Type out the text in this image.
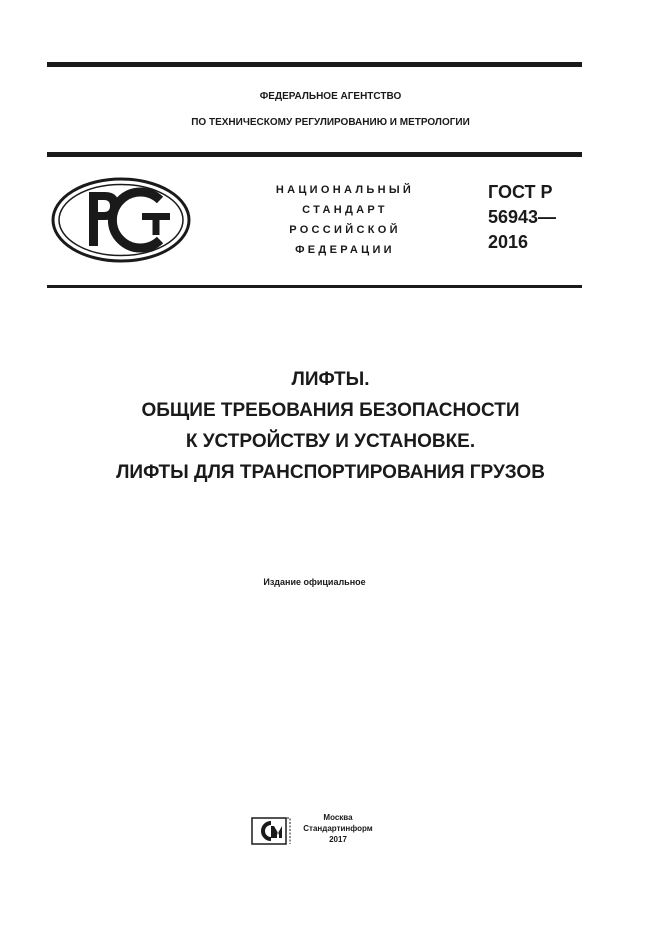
ФЕДЕРАЛЬНОЕ АГЕНТСТВО
ПО ТЕХНИЧЕСКОМУ РЕГУЛИРОВАНИЮ И МЕТРОЛОГИИ
НАЦИОНАЛЬНЫЙ
СТАНДАРТ
РОССИЙСКОЙ
ФЕДЕРАЦИИ
ГОСТ Р
56943—
2016
ЛИФТЫ.
ОБЩИЕ ТРЕБОВАНИЯ БЕЗОПАСНОСТИ
К УСТРОЙСТВУ И УСТАНОВКЕ.
ЛИФТЫ ДЛЯ ТРАНСПОРТИРОВАНИЯ ГРУЗОВ
Издание официальное
Москва
Стандартинформ
2017
